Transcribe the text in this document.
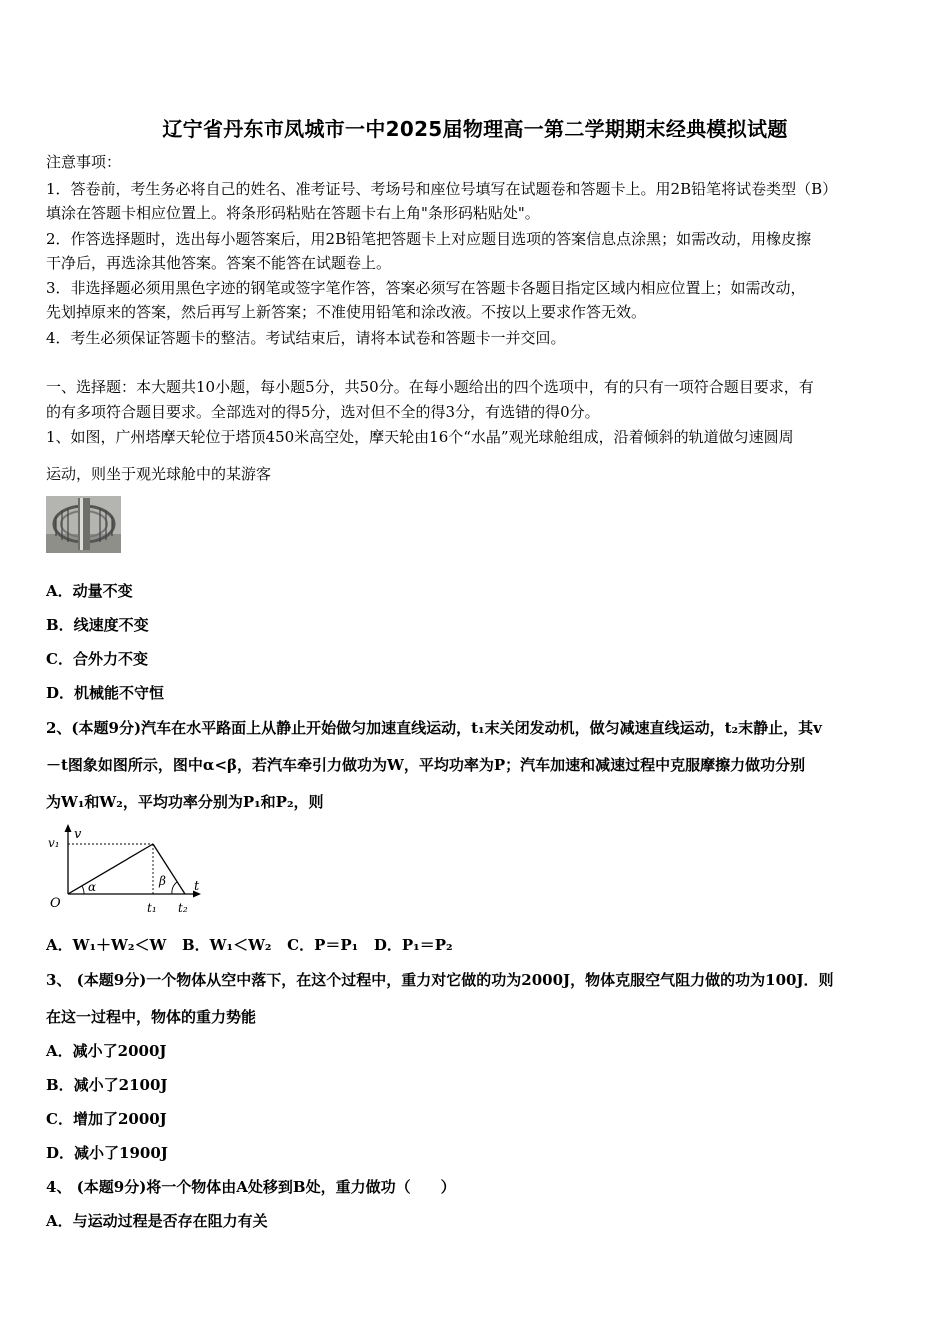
辽宁省丹东市凤城市一中2025届物理高一第二学期期末经典模拟试题
注意事项：
1．答卷前，考生务必将自己的姓名、准考证号、考场号和座位号填写在试题卷和答题卡上。用2B铅笔将试卷类型（B）
填涂在答题卡相应位置上。将条形码粘贴在答题卡右上角"条形码粘贴处"。
2．作答选择题时，选出每小题答案后，用2B铅笔把答题卡上对应题目选项的答案信息点涂黑；如需改动，用橡皮擦
干净后，再选涂其他答案。答案不能答在试题卷上。
3．非选择题必须用黑色字迹的钢笔或签字笔作答，答案必须写在答题卡各题目指定区域内相应位置上；如需改动，
先划掉原来的答案，然后再写上新答案；不准使用铅笔和涂改液。不按以上要求作答无效。
4．考生必须保证答题卡的整洁。考试结束后，请将本试卷和答题卡一并交回。
一、选择题：本大题共10小题，每小题5分，共50分。在每小题给出的四个选项中，有的只有一项符合题目要求，有
的有多项符合题目要求。全部选对的得5分，选对但不全的得3分，有选错的得0分。
1、如图，广州塔摩天轮位于塔顶450米高空处，摩天轮由16个“水晶”观光球舱组成，沿着倾斜的轨道做匀速圆周
运动，则坐于观光球舱中的某游客
A．动量不变
B．线速度不变
C．合外力不变
D．机械能不守恒
2、(本题9分)汽车在水平路面上从静止开始做匀加速直线运动，t₁末关闭发动机，做匀减速直线运动，t₂末静止，其v
－t图象如图所示，图中α<β，若汽车牵引力做功为W，平均功率为P；汽车加速和减速过程中克服摩擦力做功分别
为W₁和W₂，平均功率分别为P₁和P₂，则
v
v₁
O
t
t₁ t₂
α	β
A．W₁＋W₂＜W   B．W₁＜W₂   C．P＝P₁   D．P₁＝P₂
3、 (本题9分)一个物体从空中落下，在这个过程中，重力对它做的功为2000J，物体克服空气阻力做的功为100J．则
在这一过程中，物体的重力势能
A．减小了2000J
B．减小了2100J
C．增加了2000J
D．减小了1900J
4、 (本题9分)将一个物体由A处移到B处，重力做功（　　）
A．与运动过程是否存在阻力有关
